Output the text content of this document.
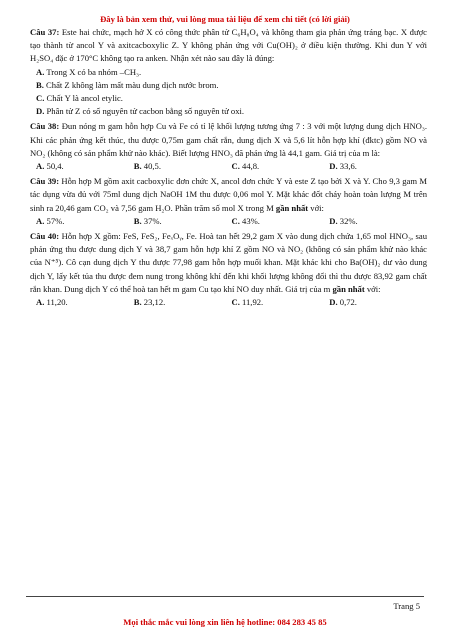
Đây là bản xem thử, vui lòng mua tài liệu để xem chi tiết (có lời giải)

Câu 37: Este hai chức, mạch hở X có công thức phân tử C₆H₈O₄ và không tham gia phản ứng tráng bạc. X được tạo thành từ ancol Y và axitcacboxylic Z. Y không phản ứng với Cu(OH)₂ ở điều kiện thường. Khi đun Y với H₂SO₄ đặc ở 170°C không tạo ra anken. Nhận xét nào sau đây là đúng:

A. Trong X có ba nhóm –CH₃.

B. Chất Z không làm mất màu dung dịch nước brom.

C. Chất Y là ancol etylic.

D. Phân tử Z có số nguyên tử cacbon bằng số nguyên tử oxi.

Câu 38: Đun nóng m gam hỗn hợp Cu và Fe có tỉ lệ khối lượng tương ứng 7 : 3 với một lượng dung dịch HNO₃. Khi các phản ứng kết thúc, thu được 0,75m gam chất rắn, dung dịch X và 5,6 lít hỗn hợp khí (đktc) gồm NO và NO₂ (không có sản phẩm khử nào khác). Biết lượng HNO₃ đã phản ứng là 44,1 gam. Giá trị của m là:

A. 50,4.	B. 40,5.	C. 44,8.	D. 33,6.

Câu 39: Hỗn hợp M gồm axit cacboxylic đơn chức X, ancol đơn chức Y và este Z tạo bởi X và Y. Cho 9,3 gam M tác dụng vừa đủ với 75ml dung dịch NaOH 1M thu được 0,06 mol Y. Mặt khác đốt cháy hoàn toàn lượng M trên sinh ra 20,46 gam CO₂ và 7,56 gam H₂O. Phần trăm số mol X trong M gần nhất với:

A. 57%.	B. 37%.	C. 43%.	D. 32%.

Câu 40: Hỗn hợp X gồm: FeS, FeS₂, FeₓOᵧ, Fe. Hoà tan hết 29,2 gam X vào dung dịch chứa 1,65 mol HNO₃, sau phản ứng thu được dung dịch Y và 38,7 gam hỗn hợp khí Z gồm NO và NO₂ (không có sản phẩm khử nào khác của N⁺⁵). Cô cạn dung dịch Y thu được 77,98 gam hỗn hợp muối khan. Mặt khác khi cho Ba(OH)₂ dư vào dung dịch Y, lấy kết tủa thu được đem nung trong không khí đến khi khối lượng không đổi thì thu được 83,92 gam chất rắn khan. Dung dịch Y có thể hoà tan hết m gam Cu tạo khí NO duy nhất. Giá trị của m gần nhất với:

A. 11,20.	B. 23,12.	C. 11,92.	D. 0,72.
Trang 5
Mọi thắc mắc vui lòng xin liên hệ hotline: 084 283 45 85
